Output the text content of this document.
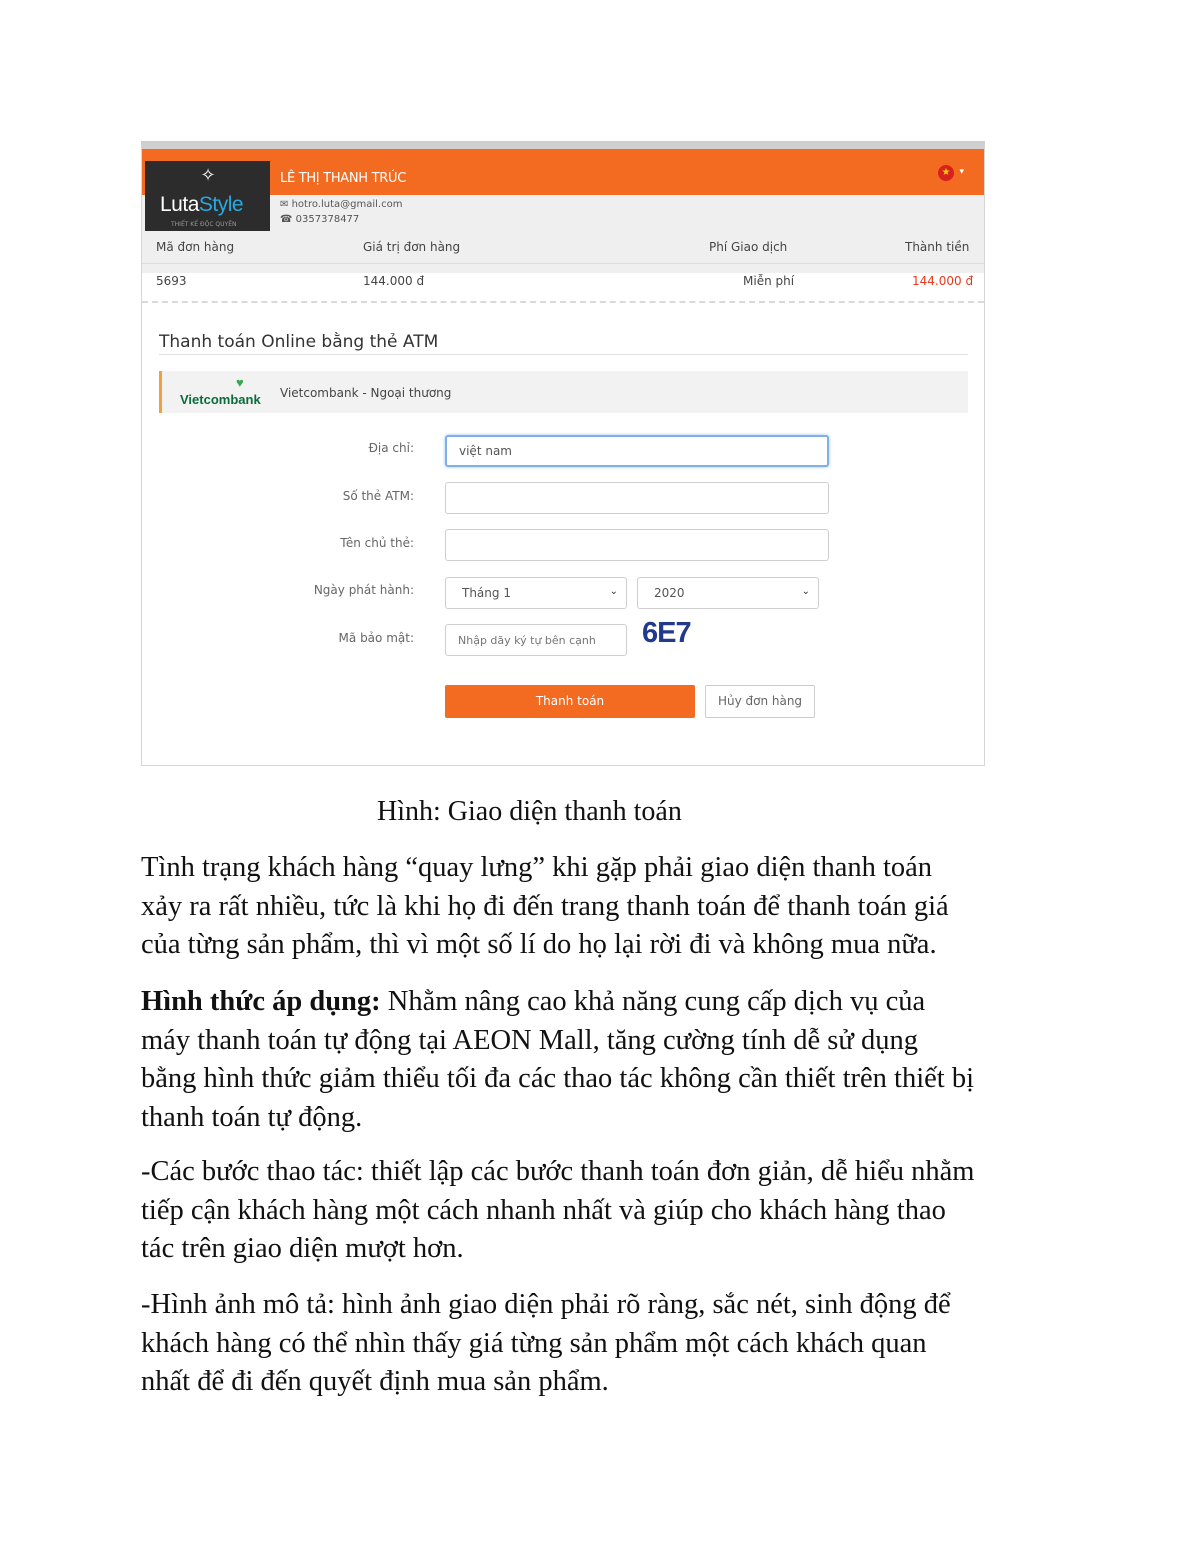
LÊ THỊ THANH TRÚC	★ ▾
✧
LutaStyle
THIẾT KẾ ĐỘC QUYỀN
✉ hotro.luta@gmail.com
☎ 0357378477
Mã đơn hàng	Giá trị đơn hàng	Phí Giao dịch	Thành tiền
5693	144.000 đ	Miễn phí	144.000 đ
Thanh toán Online bằng thẻ ATM
♥

Vietcombank Vietcombank - Ngoại thương
Địa chỉ:
việt nam
Số thẻ ATM:
Tên chủ thẻ:
Ngày phát hành:	Tháng 1	⌄	2020	⌄
Mã bảo mật:
Nhập dãy ký tự bên cạnh	6E7
Thanh toán	Hủy đơn hàng
Hình: Giao diện thanh toán
Tình trạng khách hàng “quay lưng” khi gặp phải giao diện thanh toán
xảy ra rất nhiều, tức là khi họ đi đến trang thanh toán để thanh toán giá
của từng sản phẩm, thì vì một số lí do họ lại rời đi và không mua nữa.
Hình thức áp dụng: Nhằm nâng cao khả năng cung cấp dịch vụ của
máy thanh toán tự động tại AEON Mall, tăng cường tính dễ sử dụng
bằng hình thức giảm thiểu tối đa các thao tác không cần thiết trên thiết bị
thanh toán tự động.
-Các bước thao tác: thiết lập các bước thanh toán đơn giản, dễ hiểu nhằm
tiếp cận khách hàng một cách nhanh nhất và giúp cho khách hàng thao
tác trên giao diện mượt hơn.
-Hình ảnh mô tả: hình ảnh giao diện phải rõ ràng, sắc nét, sinh động để
khách hàng có thể nhìn thấy giá từng sản phẩm một cách khách quan
nhất để đi đến quyết định mua sản phẩm.
